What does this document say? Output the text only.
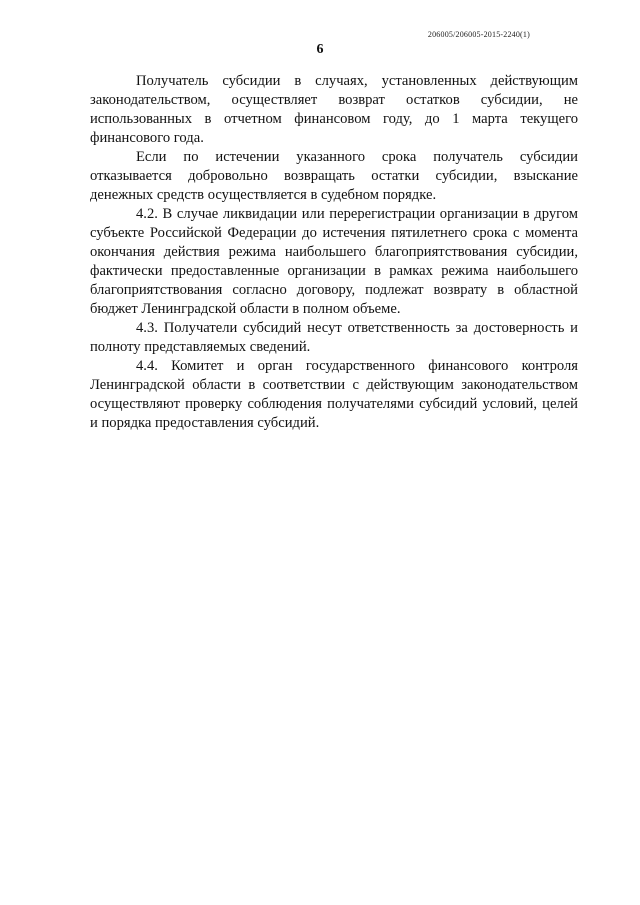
206005/206005-2015-2240(1)
6

Получатель субсидии в случаях, установленных действующим законодательством, осуществляет возврат остатков субсидии, не использованных в отчетном финансовом году, до 1 марта текущего финансового года.

Если по истечении указанного срока получатель субсидии отказывается добровольно возвращать остатки субсидии, взыскание денежных средств осуществляется в судебном порядке.

4.2. В случае ликвидации или перерегистрации организации в другом субъекте Российской Федерации до истечения пятилетнего срока с момента окончания действия режима наибольшего благоприятствования субсидии, фактически предоставленные организации в рамках режима наибольшего благоприятствования согласно договору, подлежат возврату в областной бюджет Ленинградской области в полном объеме.

4.3. Получатели субсидий несут ответственность за достоверность и полноту представляемых сведений.

4.4. Комитет и орган государственного финансового контроля Ленинградской области в соответствии с действующим законодательством осуществляют проверку соблюдения получателями субсидий условий, целей и порядка предоставления субсидий.
